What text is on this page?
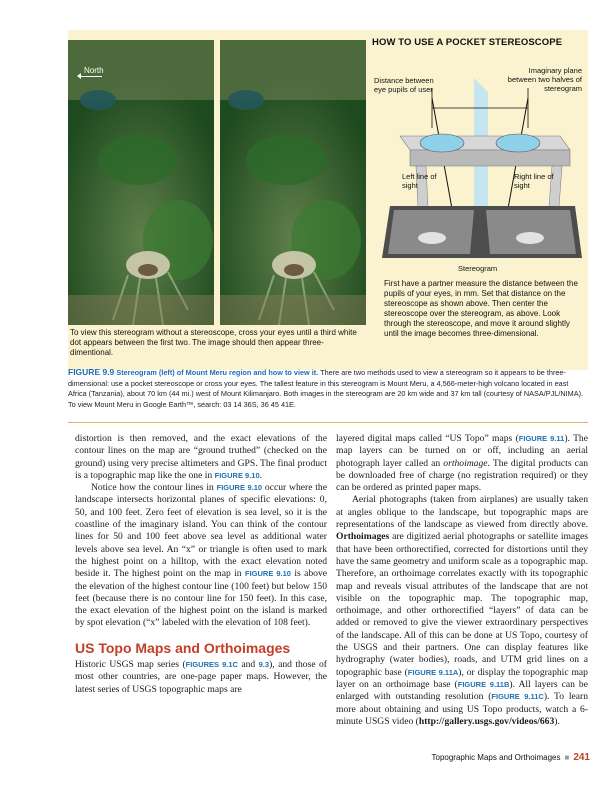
North
HOW TO USE A POCKET STEREOSCOPE
Distance between eye pupils of user
Imaginary plane between two halves of stereogram
Left line of sight
Right line of sight
Stereogram
To view this stereogram without a stereoscope, cross your eyes until a third white dot appears between the first two. The image should then appear three-dimentional.
First have a partner measure the distance between the pupils of your eyes, in mm. Set that distance on the stereoscope as shown above. Then center the stereoscope over the stereogram, as above. Look through the stereoscope, and move it around slightly until the image becomes three-dimensional.
FIGURE 9.9 Stereogram (left) of Mount Meru region and how to view it. There are two methods used to view a stereogram so it appears to be three-dimensional: use a pocket stereoscope or cross your eyes. The tallest feature in this stereogram is Mount Meru, a 4,566-meter-high volcano located in east Africa (Tanzania), about 70 km (44 mi.) west of Mount Kilimanjaro. Both images in the stereogram are 20 km wide and 37 km tall (courtesy of NASA/PJL/NIMA). To view Mount Meru in Google Earth™, search: 03 14 36S, 36 45 41E.

distortion is then removed, and the exact elevations of the contour lines on the map are “ground truthed” (checked on the ground) using very precise altimeters and GPS. The final product is a topographic map like the one in FIGURE 9.10.

Notice how the contour lines in FIGURE 9.10 occur where the landscape intersects horizontal planes of specific elevations: 0, 50, and 100 feet. Zero feet of elevation is sea level, so it is the coastline of the imaginary island. You can think of the contour lines for 50 and 100 feet above sea level as additional water levels above sea level. An “x” or triangle is often used to mark the highest point on a hilltop, with the exact elevation noted beside it. The highest point on the map in FIGURE 9.10 is above the elevation of the highest contour line (100 feet) but below 150 feet (because there is no contour line for 150 feet). In this case, the exact elevation of the highest point on the island is marked by spot elevation (“x” labeled with the elevation of 108 feet).

US Topo Maps and Orthoimages

Historic USGS map series (FIGURES 9.1C and 9.3), and those of most other countries, are one-page paper maps. However, the latest series of USGS topographic maps are

layered digital maps called “US Topo” maps (FIGURE 9.11). The map layers can be turned on or off, including an aerial photograph layer called an orthoimage. The digital products can be downloaded free of charge (no registration required) or they can be ordered as printed paper maps.

Aerial photographs (taken from airplanes) are usually taken at angles oblique to the landscape, but topographic maps are representations of the landscape as viewed from directly above. Orthoimages are digitized aerial photographs or satellite images that have been orthorectified, corrected for distortions until they have the same geometry and uniform scale as a topographic map. Therefore, an orthoimage correlates exactly with its topographic map and reveals visual attributes of the landscape that are not visible on the topographic map. The topographic map, orthoimage, and other orthorectified “layers” of data can be added or removed to give the viewer extraordinary perspectives of the landscape. All of this can be done at US Topo, courtesy of the USGS and their partners. One can display features like hydrography (water bodies), roads, and UTM grid lines on a topographic base (FIGURE 9.11A), or display the topographic map layer on an orthoimage base (FIGURE 9.11B). All layers can be enlarged with outstanding resolution (FIGURE 9.11C). To learn more about obtaining and using US Topo products, watch a 6-minute USGS video (http://gallery.usgs.gov/videos/663).

Topographic Maps and Orthoimages ■ 241
